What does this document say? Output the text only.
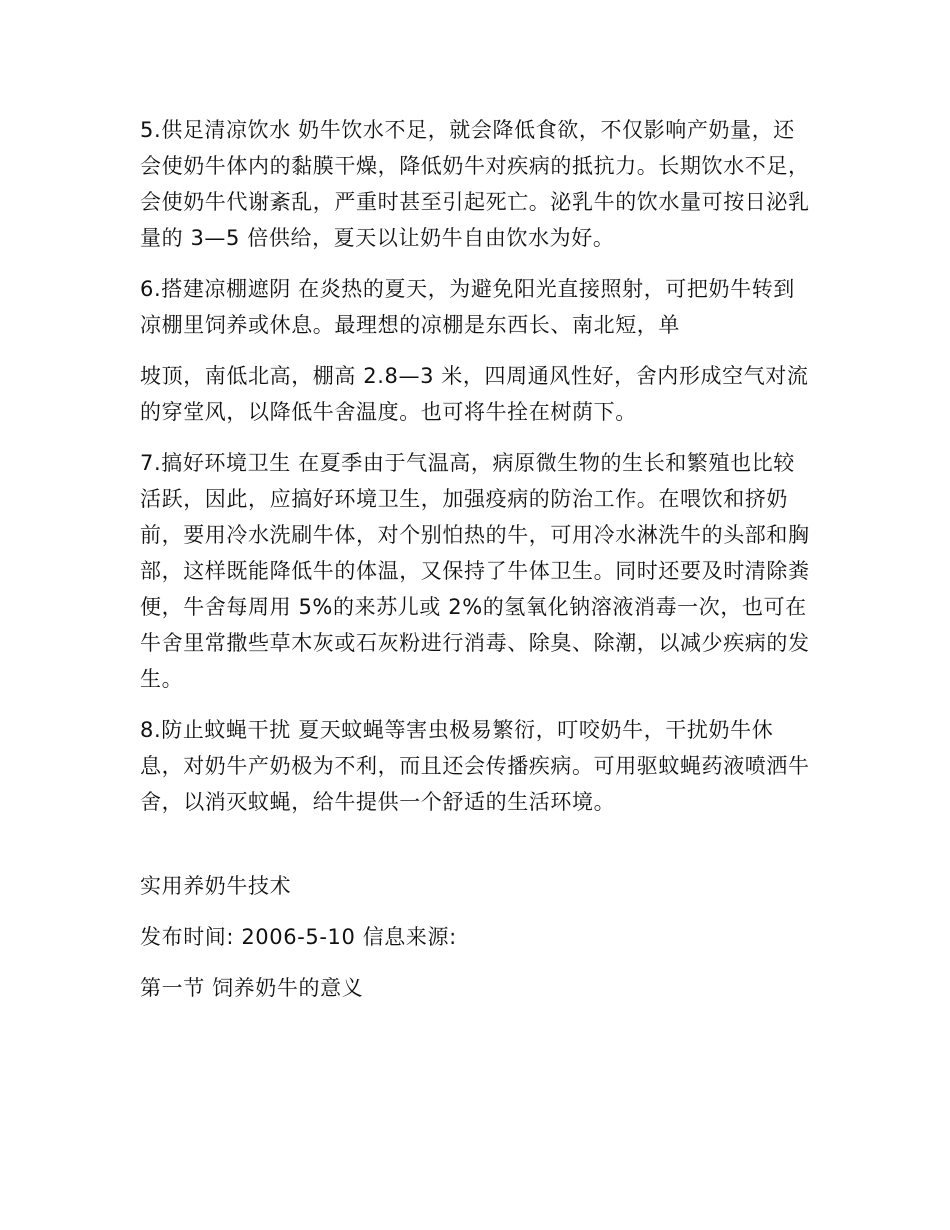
5.供足清凉饮水 奶牛饮水不足，就会降低食欲，不仅影响产奶量，还会使奶牛体内的黏膜干燥，降低奶牛对疾病的抵抗力。长期饮水不足，会使奶牛代谢紊乱，严重时甚至引起死亡。泌乳牛的饮水量可按日泌乳量的 3—5 倍供给，夏天以让奶牛自由饮水为好。

6.搭建凉棚遮阴 在炎热的夏天，为避免阳光直接照射，可把奶牛转到凉棚里饲养或休息。最理想的凉棚是东西长、南北短，单

坡顶，南低北高，棚高 2.8—3 米，四周通风性好，舍内形成空气对流的穿堂风，以降低牛舍温度。也可将牛拴在树荫下。

7.搞好环境卫生 在夏季由于气温高，病原微生物的生长和繁殖也比较活跃，因此，应搞好环境卫生，加强疫病的防治工作。在喂饮和挤奶前，要用冷水洗刷牛体，对个别怕热的牛，可用冷水淋洗牛的头部和胸部，这样既能降低牛的体温，又保持了牛体卫生。同时还要及时清除粪便，牛舍每周用 5%的来苏儿或 2%的氢氧化钠溶液消毒一次，也可在牛舍里常撒些草木灰或石灰粉进行消毒、除臭、除潮，以减少疾病的发生。

8.防止蚊蝇干扰 夏天蚊蝇等害虫极易繁衍，叮咬奶牛，干扰奶牛休息，对奶牛产奶极为不利，而且还会传播疾病。可用驱蚊蝇药液喷洒牛舍，以消灭蚊蝇，给牛提供一个舒适的生活环境。

实用养奶牛技术

发布时间: 2006-5-10 信息来源:

第一节 饲养奶牛的意义
